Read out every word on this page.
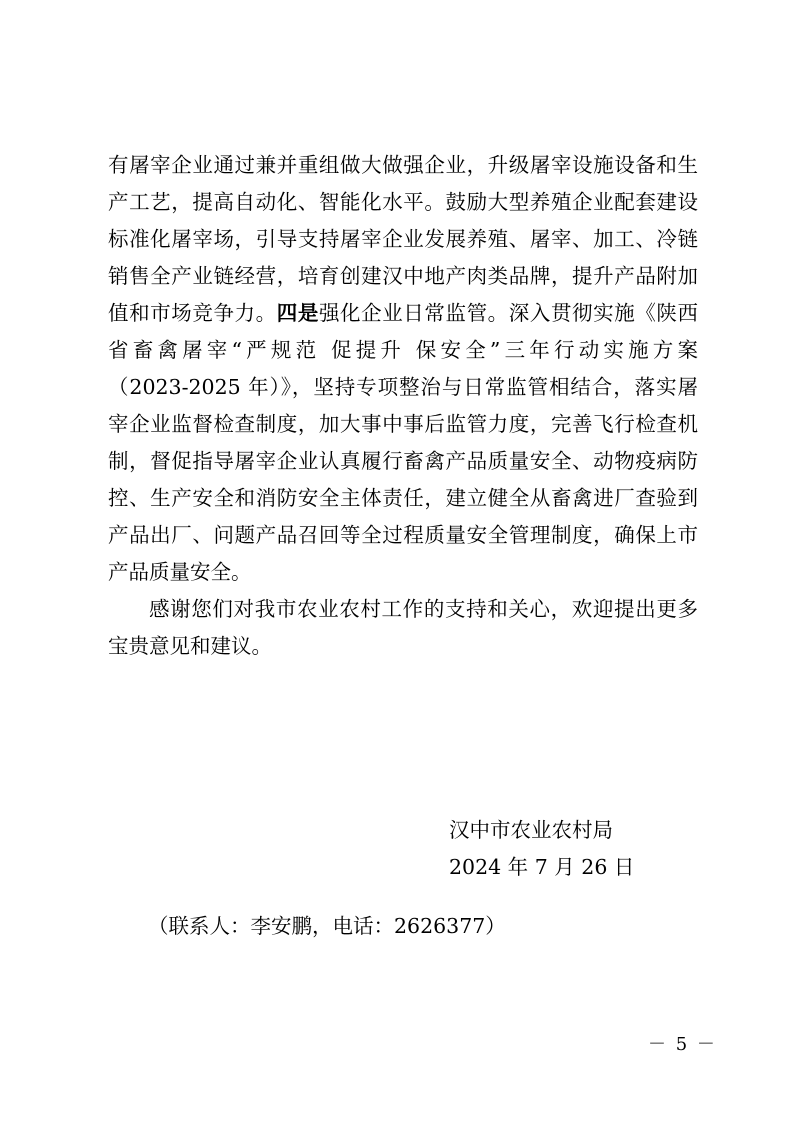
有屠宰企业通过兼并重组做大做强企业，升级屠宰设施设备和生
产工艺，提高自动化、智能化水平。鼓励大型养殖企业配套建设
标准化屠宰场，引导支持屠宰企业发展养殖、屠宰、加工、冷链
销售全产业链经营，培育创建汉中地产肉类品牌，提升产品附加
值和市场竞争力。四是强化企业日常监管。深入贯彻实施《陕西
省畜禽屠宰“严规范 促提升 保安全”三年行动实施方案
（2023-2025 年）》，坚持专项整治与日常监管相结合，落实屠
宰企业监督检查制度，加大事中事后监管力度，完善飞行检查机
制，督促指导屠宰企业认真履行畜禽产品质量安全、动物疫病防
控、生产安全和消防安全主体责任，建立健全从畜禽进厂查验到
产品出厂、问题产品召回等全过程质量安全管理制度，确保上市
产品质量安全。
感谢您们对我市农业农村工作的支持和关心，欢迎提出更多
宝贵意见和建议。
汉中市农业农村局
2024 年 7 月 26 日
（联系人：李安鹏，电话：2626377）
－ 5 －
